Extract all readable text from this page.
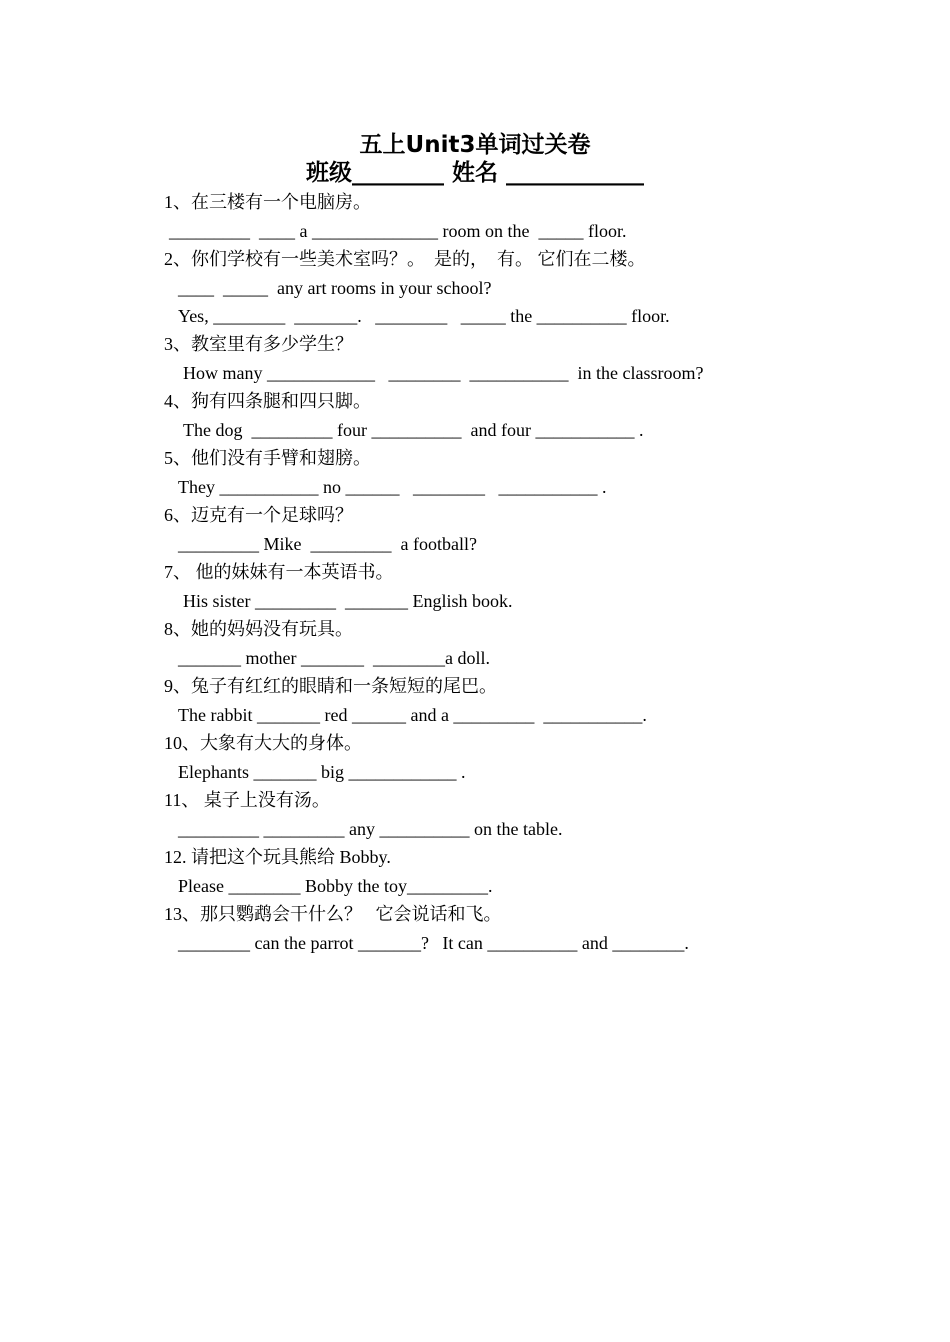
五上Unit3单词过关卷
班级________ 姓名 ____________
1、在三楼有一个电脑房。
_________  ____ a ______________ room on the  _____ floor.
2、你们学校有一些美术室吗？。  是的，  有。 它们在二楼。
____  _____  any art rooms in your school?
Yes, ________  _______.   ________   _____ the __________ floor.
3、教室里有多少学生？
How many ____________   ________  ___________  in the classroom?
4、狗有四条腿和四只脚。
The dog  _________ four __________  and four ___________ .
5、他们没有手臂和翅膀。
They ___________ no ______   ________   ___________ .
6、迈克有一个足球吗？
_________ Mike  _________  a football?
7、 他的妹妹有一本英语书。
His sister _________  _______ English book.
8、她的妈妈没有玩具。
_______ mother _______  ________a doll.
9、兔子有红红的眼睛和一条短短的尾巴。
The rabbit _______ red ______ and a _________  ___________.
10、大象有大大的身体。
Elephants _______ big ____________ .
11、 桌子上没有汤。
_________ _________ any __________ on the table.
12. 请把这个玩具熊给 Bobby.
Please ________ Bobby the toy_________.
13、那只鹦鹉会干什么？   它会说话和飞。
________ can the parrot _______?   It can __________ and ________.
